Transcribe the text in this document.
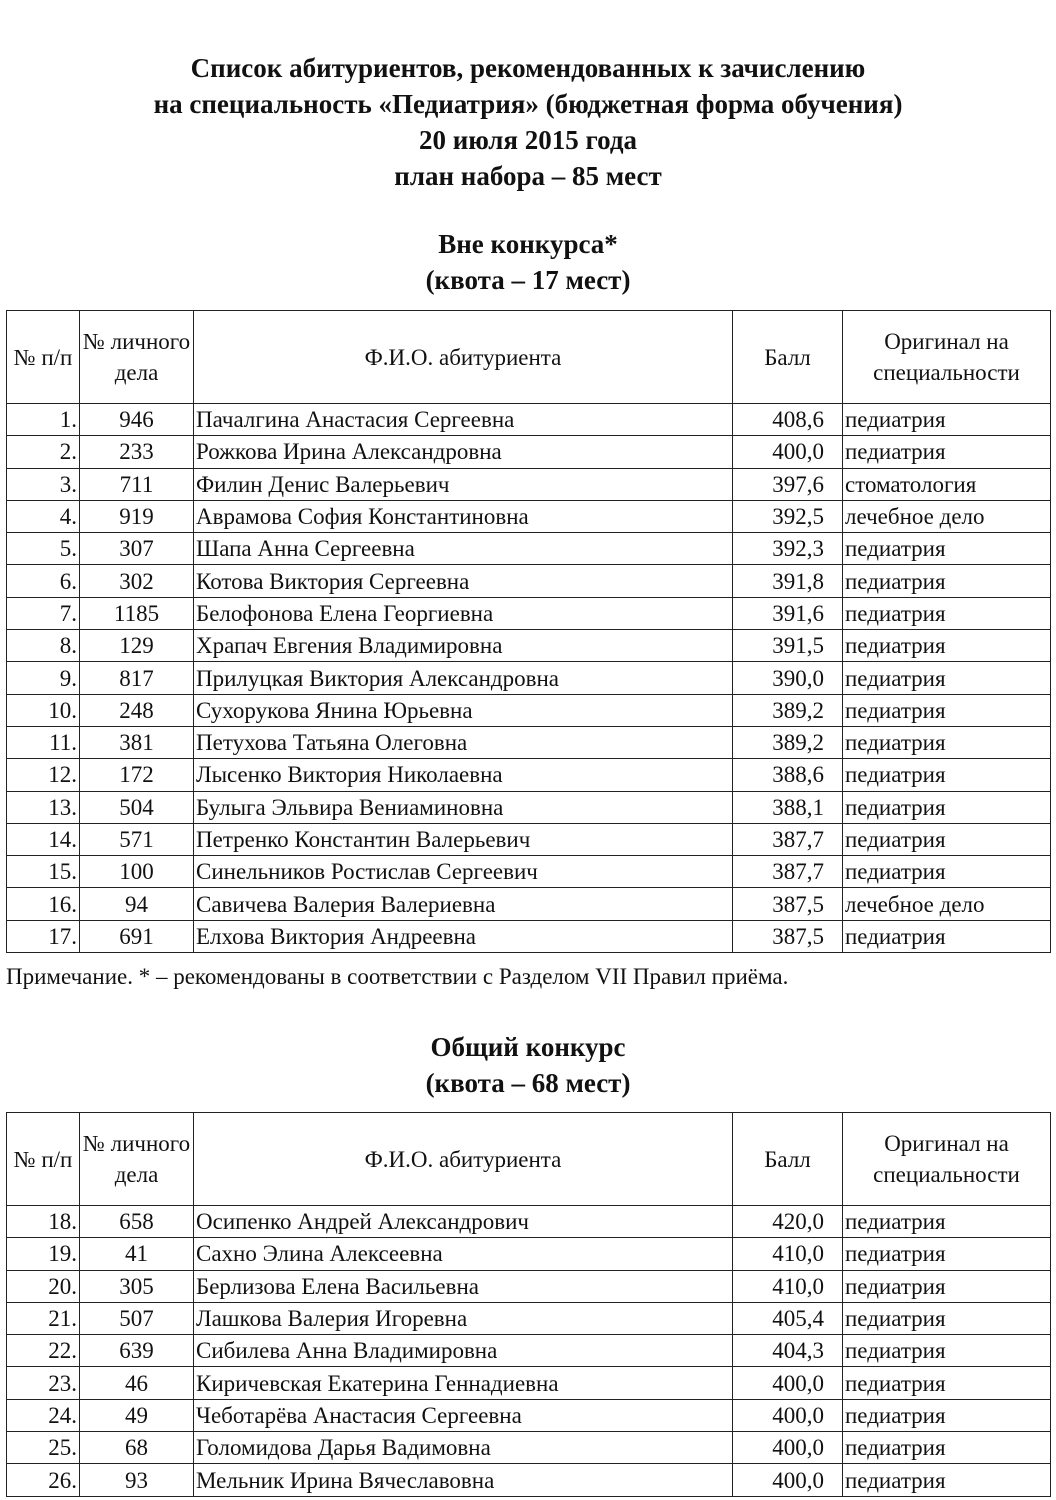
Список абитуриентов, рекомендованных к зачислению
на специальность «Педиатрия» (бюджетная форма обучения)
20 июля 2015 года
план набора – 85 мест
Вне конкурса*
(квота – 17 мест)
№ п/п	№ личного дела	Ф.И.О. абитуриента	Балл	Оригинал на специальности
1.	946	Пачалгина Анастасия Сергеевна	408,6	педиатрия
2.	233	Рожкова Ирина Александровна	400,0	педиатрия
3.	711	Филин Денис Валерьевич	397,6	стоматология
4.	919	Аврамова София Константиновна	392,5	лечебное дело
5.	307	Шапа Анна Сергеевна	392,3	педиатрия
6.	302	Котова Виктория Сергеевна	391,8	педиатрия
7.	1185	Белофонова Елена Георгиевна	391,6	педиатрия
8.	129	Храпач Евгения Владимировна	391,5	педиатрия
9.	817	Прилуцкая Виктория Александровна	390,0	педиатрия
10.	248	Сухорукова Янина Юрьевна	389,2	педиатрия
11.	381	Петухова Татьяна Олеговна	389,2	педиатрия
12.	172	Лысенко Виктория Николаевна	388,6	педиатрия
13.	504	Булыга Эльвира Вениаминовна	388,1	педиатрия
14.	571	Петренко Константин Валерьевич	387,7	педиатрия
15.	100	Синельников Ростислав Сергеевич	387,7	педиатрия
16.	94	Савичева Валерия Валериевна	387,5	лечебное дело
17.	691	Елхова Виктория Андреевна	387,5	педиатрия
Примечание. * – рекомендованы в соответствии с Разделом VII Правил приёма.
Общий конкурс
(квота – 68 мест)
№ п/п	№ личного дела	Ф.И.О. абитуриента	Балл	Оригинал на специальности
18.	658	Осипенко Андрей Александрович	420,0	педиатрия
19.	41	Сахно Элина Алексеевна	410,0	педиатрия
20.	305	Берлизова Елена Васильевна	410,0	педиатрия
21.	507	Лашкова Валерия Игоревна	405,4	педиатрия
22.	639	Сибилева Анна Владимировна	404,3	педиатрия
23.	46	Киричевская Екатерина Геннадиевна	400,0	педиатрия
24.	49	Чеботарёва Анастасия Сергеевна	400,0	педиатрия
25.	68	Голомидова Дарья Вадимовна	400,0	педиатрия
26.	93	Мельник Ирина Вячеславовна	400,0	педиатрия
